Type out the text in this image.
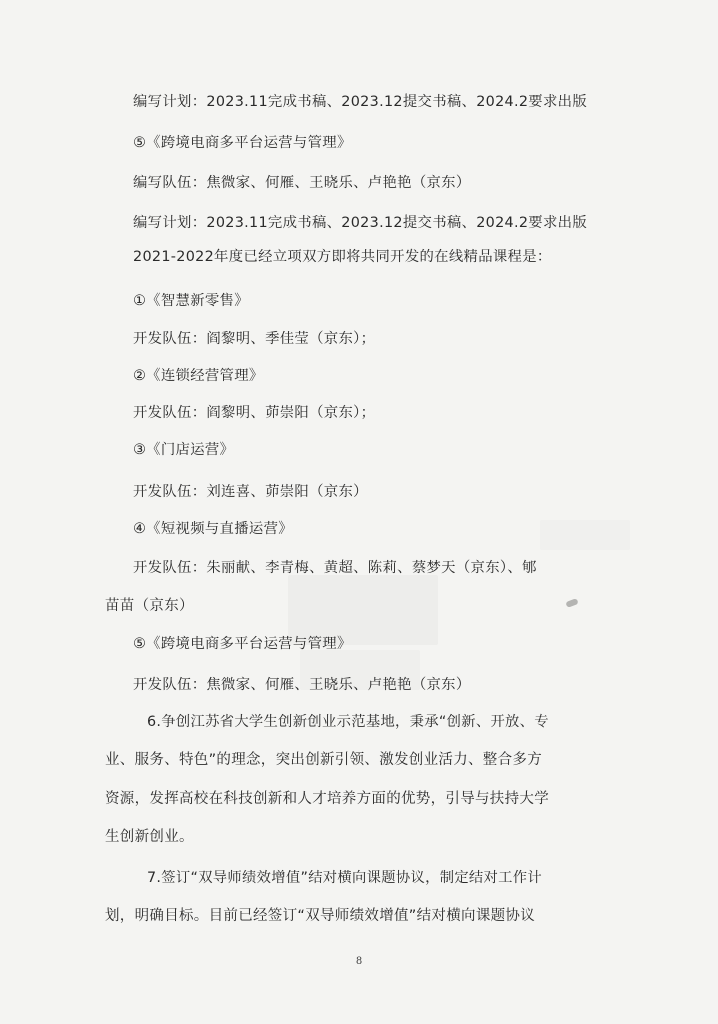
编写计划：2023.11完成书稿、2023.12提交书稿、2024.2要求出版
⑤《跨境电商多平台运营与管理》
编写队伍：焦微家、何雁、王晓乐、卢艳艳（京东）
编写计划：2023.11完成书稿、2023.12提交书稿、2024.2要求出版
2021-2022年度已经立项双方即将共同开发的在线精品课程是：
①《智慧新零售》
开发队伍：阎黎明、季佳莹（京东）；
②《连锁经营管理》
开发队伍：阎黎明、茆崇阳（京东）；
③《门店运营》
开发队伍：刘连喜、茆崇阳（京东）
④《短视频与直播运营》
开发队伍：朱丽献、李青梅、黄超、陈莉、蔡梦天（京东）、郇
苗苗（京东）
⑤《跨境电商多平台运营与管理》
开发队伍：焦微家、何雁、王晓乐、卢艳艳（京东）
6.争创江苏省大学生创新创业示范基地，秉承“创新、开放、专
业、服务、特色”的理念，突出创新引领、激发创业活力、整合多方
资源，发挥高校在科技创新和人才培养方面的优势，引导与扶持大学
生创新创业。
7.签订“双导师绩效增值”结对横向课题协议，制定结对工作计
划，明确目标。目前已经签订“双导师绩效增值”结对横向课题协议
8
